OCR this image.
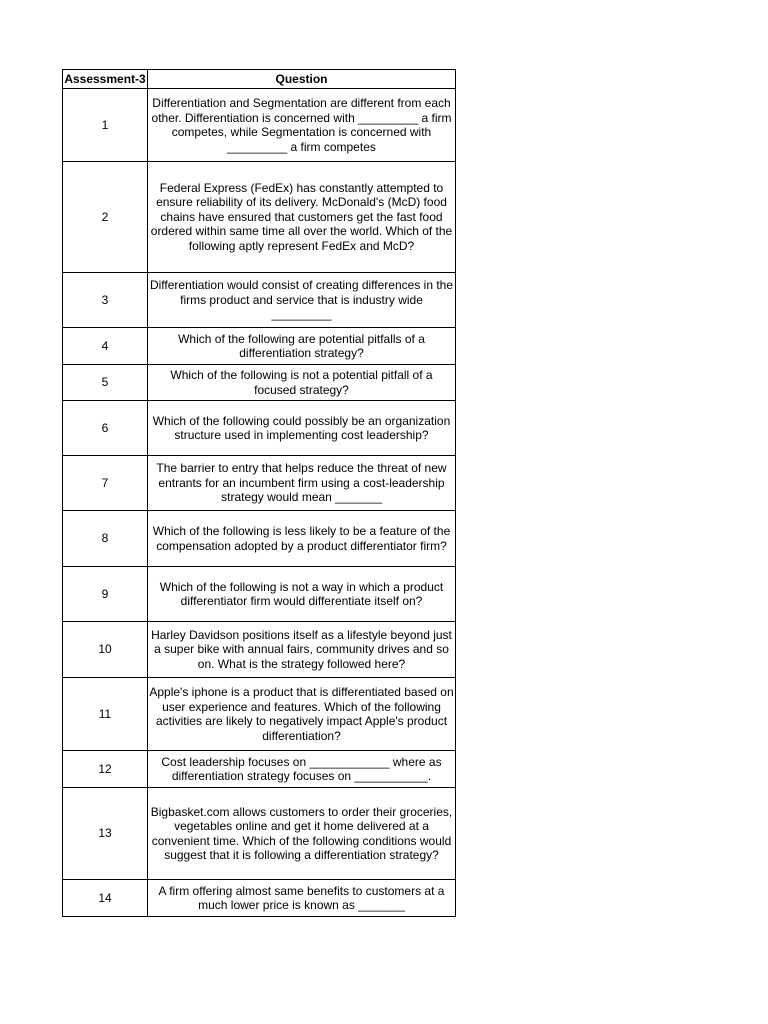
Assessment-3	Question
1	Differentiation and Segmentation are different from each other. Differentiation is concerned with _________ a firm competes, while Segmentation is concerned with _________ a firm competes
2	Federal Express (FedEx) has constantly attempted to ensure reliability of its delivery. McDonald's (McD) food chains have ensured that customers get the fast food ordered within same time all over the world. Which of the following aptly represent FedEx and McD?
3	Differentiation would consist of creating differences in the firms product and service that is industry wide _________
4	Which of the following are potential pitfalls of a differentiation strategy?
5	Which of the following is not a potential pitfall of a focused strategy?
6	Which of the following could possibly be an organization structure used in implementing cost leadership?
7	The barrier to entry that helps reduce the threat of new entrants for an incumbent firm using a cost-leadership strategy would mean _______
8	Which of the following is less likely to be a feature of the compensation adopted by a product differentiator firm?
9	Which of the following is not a way in which a product differentiator firm would differentiate itself on?
10	Harley Davidson positions itself as a lifestyle beyond just a super bike with annual fairs, community drives and so on. What is the strategy followed here?
11	Apple's iphone is a product that is differentiated based on user experience and features. Which of the following activities are likely to negatively impact Apple's product differentiation?
12	Cost leadership focuses on ____________ where as differentiation strategy focuses on ___________.
13	Bigbasket.com allows customers to order their groceries, vegetables online and get it home delivered at a convenient time. Which of the following conditions would suggest that it is following a differentiation strategy?
14	A firm offering almost same benefits to customers at a much lower price is known as _______
